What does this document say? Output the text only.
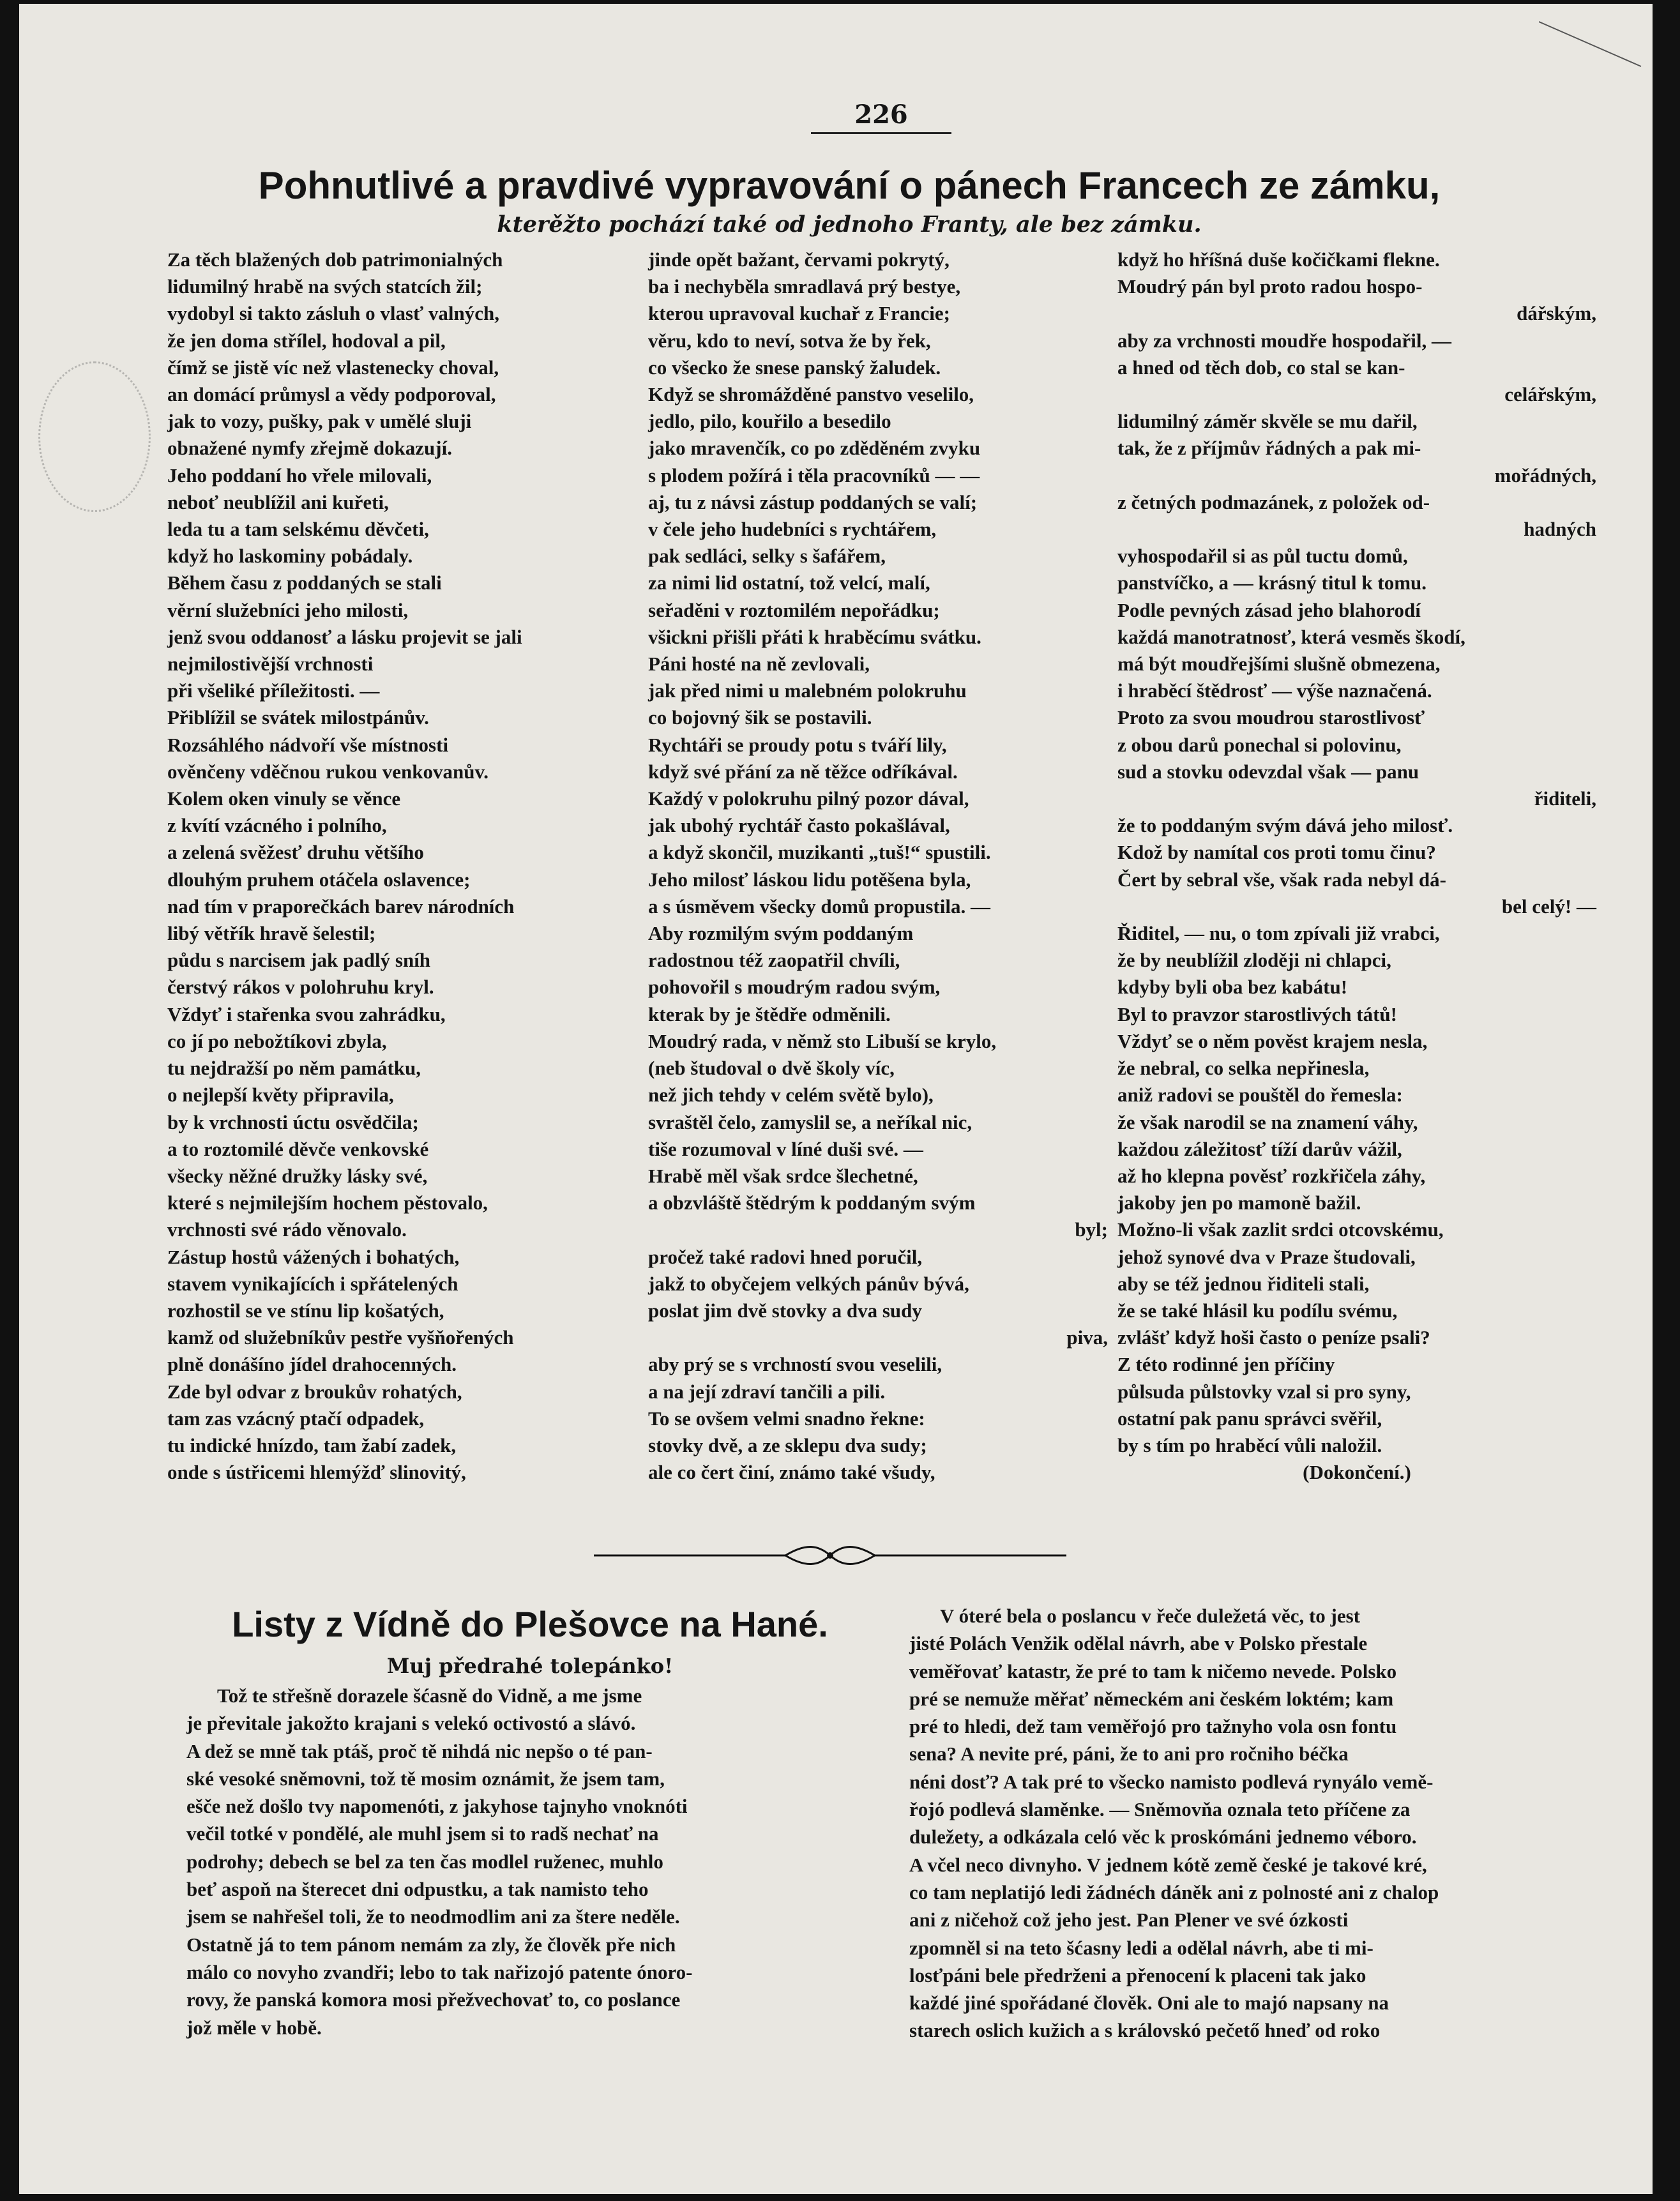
226
Pohnutlivé a pravdivé vypravování o pánech Francech ze zámku,
kterěžto pochází také od jednoho Franty, ale bez zámku.
Za těch blažených dob patrimonialných
lidumilný hrabě na svých statcích žil;
vydobyl si takto zásluh o vlasť valných,
že jen doma střílel, hodoval a pil,
čímž se jistě víc než vlastenecky choval,
an domácí průmysl a vědy podporoval,
jak to vozy, pušky, pak v umělé sluji
obnažené nymfy zřejmě dokazují.
Jeho poddaní ho vřele milovali,
neboť neublížil ani kuřeti,
leda tu a tam selskému děvčeti,
když ho laskominy pobádaly.
Během času z poddaných se stali
věrní služebníci jeho milosti,
jenž svou oddanosť a lásku projevit se jali
nejmilostivější vrchnosti
při všeliké příležitosti. —
Přiblížil se svátek milostpánův.
Rozsáhlého nádvoří vše místnosti
ověnčeny vděčnou rukou venkovanův.
Kolem oken vinuly se věnce
z kvítí vzácného i polního,
a zelená svěžesť druhu většího
dlouhým pruhem otáčela oslavence;
nad tím v praporečkách barev národních
libý větřík hravě šelestil;
půdu s narcisem jak padlý sníh
čerstvý rákos v polohruhu kryl.
Vždyť i stařenka svou zahrádku,
co jí po nebožtíkovi zbyla,
tu nejdražší po něm památku,
o nejlepší květy připravila,
by k vrchnosti úctu osvědčila;
a to roztomilé děvče venkovské
všecky něžné družky lásky své,
které s nejmilejším hochem pěstovalo,
vrchnosti své rádo věnovalo.
Zástup hostů vážených i bohatých,
stavem vynikajících i spřátelených
rozhostil se ve stínu lip košatých,
kamž od služebníkův pestře vyšňořených
plně donášíno jídel drahocenných.
Zde byl odvar z broukův rohatých,
tam zas vzácný ptačí odpadek,
tu indické hnízdo, tam žabí zadek,
onde s ústřicemi hlemýžď slinovitý,
jinde opět bažant, červami pokrytý,
ba i nechyběla smradlavá prý bestye,
kterou upravoval kuchař z Francie;
věru, kdo to neví, sotva že by řek,
co všecko že snese panský žaludek.
Když se shromážděné panstvo veselilo,
jedlo, pilo, kouřilo a besedilo
jako mravenčík, co po zděděném zvyku
s plodem požírá i těla pracovníků — —
aj, tu z návsi zástup poddaných se valí;
v čele jeho hudebníci s rychtářem,
pak sedláci, selky s šafářem,
za nimi lid ostatní, tož velcí, malí,
seřaděni v roztomilém nepořádku;
všickni přišli přáti k hraběcímu svátku.
Páni hosté na ně zevlovali,
jak před nimi u malebném polokruhu
co bojovný šik se postavili.
Rychtáři se proudy potu s tváří lily,
když své přání za ně těžce odříkával.
Každý v polokruhu pilný pozor dával,
jak ubohý rychtář často pokašlával,
a když skončil, muzikanti „tuš!“ spustili.
Jeho milosť láskou lidu potěšena byla,
a s úsměvem všecky domů propustila. —
Aby rozmilým svým poddaným
radostnou též zaopatřil chvíli,
pohovořil s moudrým radou svým,
kterak by je štědře odměnili.
Moudrý rada, v němž sto Libuší se krylo,
(neb študoval o dvě školy víc,
než jich tehdy v celém světě bylo),
svraštěl čelo, zamyslil se, a neříkal nic,
tiše rozumoval v líné duši své. —
Hrabě měl však srdce šlechetné,
a obzvláště štědrým k poddaným svým
byl;
pročež také radovi hned poručil,
jakž to obyčejem velkých pánův bývá,
poslat jim dvě stovky a dva sudy
piva,
aby prý se s vrchností svou veselili,
a na její zdraví tančili a pili.
To se ovšem velmi snadno řekne:
stovky dvě, a ze sklepu dva sudy;
ale co čert činí, známo také všudy,
když ho hříšná duše kočičkami flekne.
Moudrý pán byl proto radou hospo-
dářským,
aby za vrchnosti moudře hospodařil, —
a hned od těch dob, co stal se kan-
celářským,
lidumilný záměr skvěle se mu dařil,
tak, že z příjmův řádných a pak mi-
mořádných,
z četných podmazánek, z položek od-
hadných
vyhospodařil si as půl tuctu domů,
panstvíčko, a — krásný titul k tomu.
Podle pevných zásad jeho blahorodí
každá manotratnosť, která vesměs škodí,
má být moudřejšími slušně obmezena,
i hraběcí štědrosť — výše naznačená.
Proto za svou moudrou starostlivosť
z obou darů ponechal si polovinu,
sud a stovku odevzdal však — panu
řiditeli,
že to poddaným svým dává jeho milosť.
Kdož by namítal cos proti tomu činu?
Čert by sebral vše, však rada nebyl dá-
bel celý! —
Řiditel, — nu, o tom zpívali již vrabci,
že by neublížil zloději ni chlapci,
kdyby byli oba bez kabátu!
Byl to pravzor starostlivých tátů!
Vždyť se o něm pověst krajem nesla,
že nebral, co selka nepřinesla,
aniž radovi se pouštěl do řemesla:
že však narodil se na znamení váhy,
každou záležitosť tíží darův vážil,
až ho klepna pověsť rozkřičela záhy,
jakoby jen po mamoně bažil.
Možno-li však zazlit srdci otcovskému,
jehož synové dva v Praze študovali,
aby se též jednou řiditeli stali,
že se také hlásil ku podílu svému,
zvlášť když hoši často o peníze psali?
Z této rodinné jen příčiny
půlsuda půlstovky vzal si pro syny,
ostatní pak panu správci svěřil,
by s tím po hraběcí vůli naložil.
(Dokončení.)
Listy z Vídně do Plešovce na Hané.
Muj předrahé tolepánko!
Tož te střešně dorazele šćasně do Vidně, a me jsme
je převitale jakožto krajani s velekó octivostó a slávó.
A dež se mně tak ptáš, proč tě nihdá nic nepšo o té pan-
ské vesoké sněmovni, tož tě mosim oznámit, že jsem tam,
ešče než došlo tvy napomenóti, z jakyhose tajnyho vnoknóti
večil totké v pondělé, ale muhl jsem si to radš nechať na
podrohy; debech se bel za ten čas modlel ruženec, muhlo
beť aspoň na šterecet dni odpustku, a tak namisto teho
jsem se nahřešel toli, že to neodmodlim ani za štere neděle.
Ostatně já to tem pánom nemám za zly, že člověk pře nich
málo co novyho zvandři; lebo to tak nařizojó patente ónoro-
rovy, že panská komora mosi přežvechovať to, co poslance
jož měle v hobě.
V óteré bela o poslancu v řeče duležetá věc, to jest
jisté Polách Venžik odělal návrh, abe v Polsko přestale
veměřovať katastr, že pré to tam k ničemo nevede. Polsko
pré se nemuže měřať německém ani českém loktém; kam
pré to hledi, dež tam veměřojó pro tažnyho vola osn fontu
sena? A nevite pré, páni, že to ani pro ročniho béčka
néni dosť? A tak pré to všecko namisto podlevá rynyálo vemě-
řojó podlevá slaměnke. — Sněmovňa oznala teto příčene za
duležety, a odkázala celó věc k proskómáni jednemo véboro.
A včel neco divnyho. V jednem kótě země české je takové kré,
co tam neplatijó ledi žádnéch dáněk ani z polnosté ani z chalop
ani z ničehož což jeho jest. Pan Plener ve své ózkosti
zpomněl si na teto šćasny ledi a odělal návrh, abe ti mi-
losťpáni bele předrženi a přenocení k placeni tak jako
každé jiné spořádané člověk. Oni ale to majó napsany na
starech oslich kužich a s královskó pečető hneď od roko
